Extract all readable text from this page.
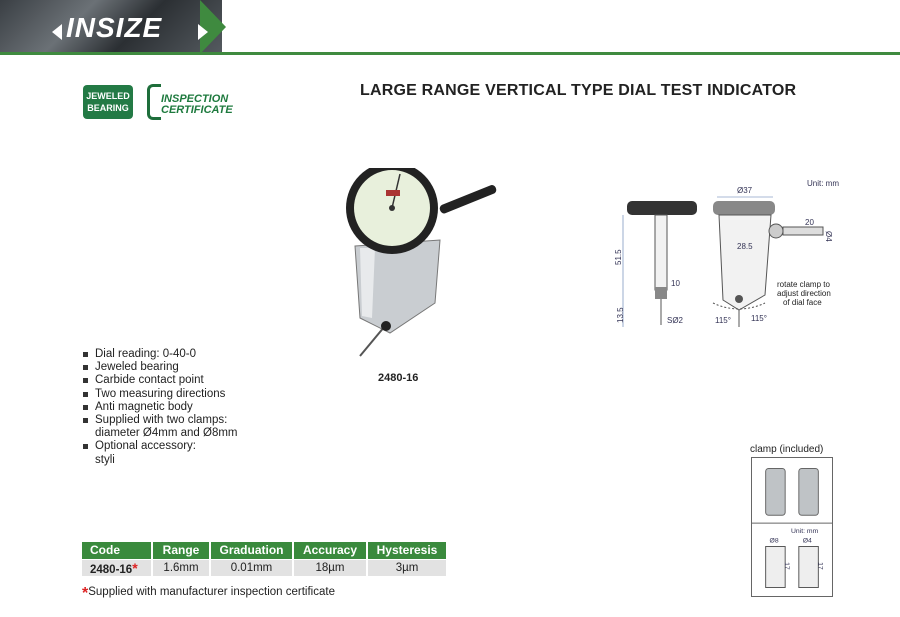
INSIZE
JEWELED
BEARING
INSPECTION
CERTIFICATE
LARGE RANGE VERTICAL TYPE DIAL TEST INDICATOR
2480-16
Dial reading: 0-40-0
Jeweled bearing
Carbide contact point
Two measuring directions
Anti magnetic body
Supplied with two clamps:
diameter Ø4mm and Ø8mm
Optional accessory:
styli
51.5
13.5
10
SØ2
Ø37
28.5
20
Ø4
Unit: mm
115°	115°
rotate clamp to
adjust direction
of dial face
clamp (included)
Unit: mm
Ø8	Ø4
17	17
Code	Range	Graduation	Accuracy	Hysteresis
2480-16*	1.6mm	0.01mm	18µm	3µm
*Supplied with manufacturer inspection certificate
